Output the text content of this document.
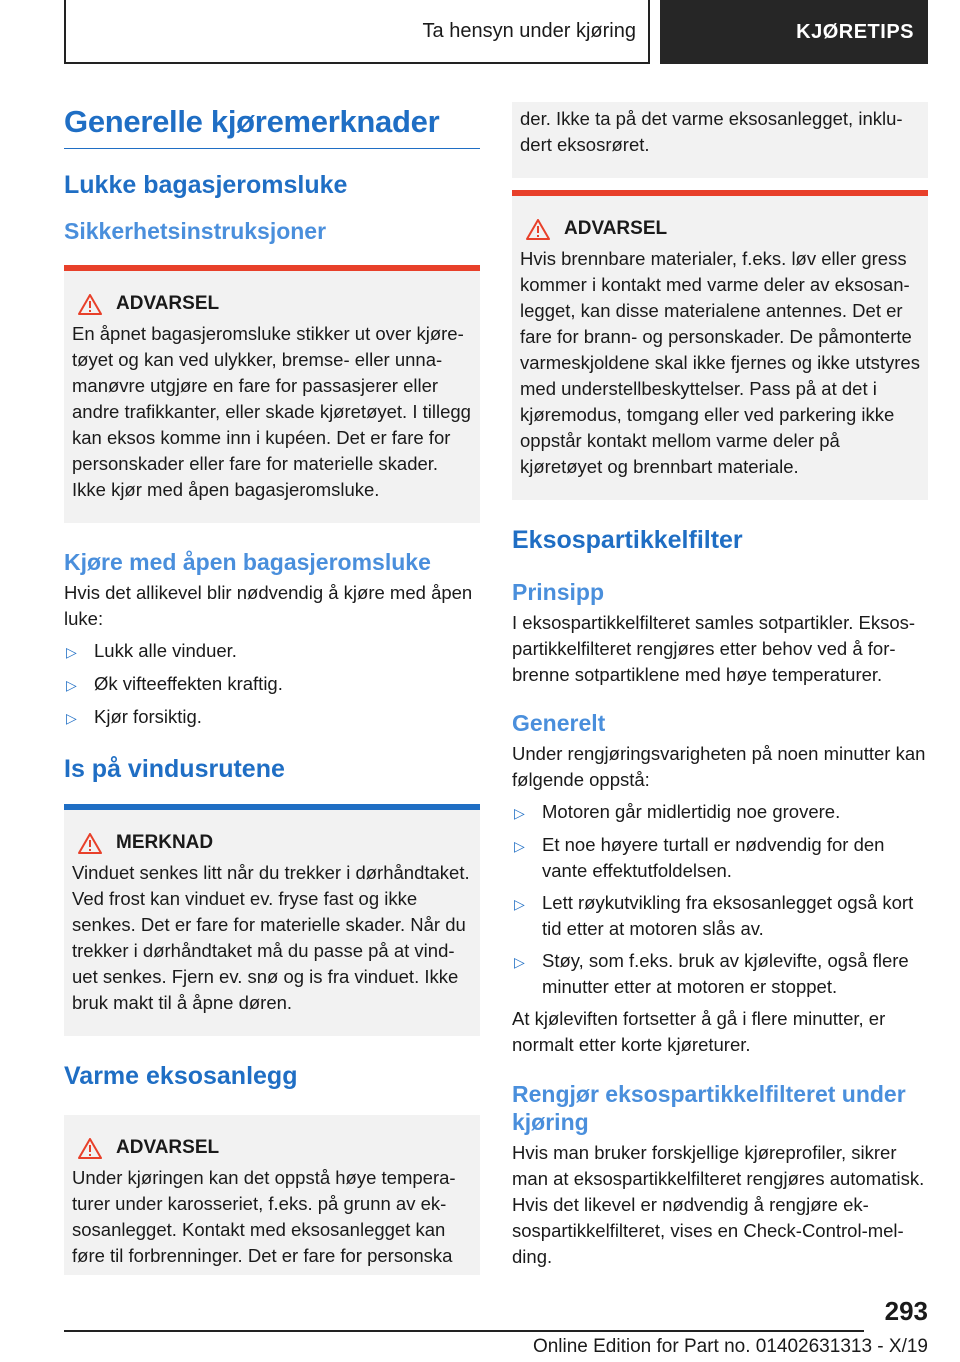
Ta hensyn under kjøring	KJØRETIPS
Generelle kjøremerknader
Lukke bagasjeromsluke
Sikkerhetsinstruksjoner
ADVARSEL
En åpnet bagasjeromsluke stikker ut over kjøretøyet og kan ved ulykker, bremse- eller unnamanøvre utgjøre en fare for passasjerer eller andre trafikkanter, eller skade kjøretøyet. I tillegg kan eksos komme inn i kupéen. Det er fare for personskader eller fare for materielle skader. Ikke kjør med åpen bagasjeromsluke.
Kjøre med åpen bagasjeromsluke
Hvis det allikevel blir nødvendig å kjøre med åpen luke:
▷ Lukk alle vinduer.
▷ Øk vifteeffekten kraftig.
▷ Kjør forsiktig.
Is på vindusrutene
MERKNAD
Vinduet senkes litt når du trekker i dørhåndtaket. Ved frost kan vinduet ev. fryse fast og ikke senkes. Det er fare for materielle skader. Når du trekker i dørhåndtaket må du passe på at vinduet senkes. Fjern ev. snø og is fra vinduet. Ikke bruk makt til å åpne døren.
Varme eksosanlegg
ADVARSEL
Under kjøringen kan det oppstå høye temperaturer under karosseriet, f.eks. på grunn av eksosanlegget. Kontakt med eksosanlegget kan føre til forbrenninger. Det er fare for personska
der. Ikke ta på det varme eksosanlegget, inkludert eksosrøret.
ADVARSEL
Hvis brennbare materialer, f.eks. løv eller gress kommer i kontakt med varme deler av eksosanlegget, kan disse materialene antennes. Det er fare for brann- og personskader. De påmonterte varmeskjoldene skal ikke fjernes og ikke utstyres med understellbeskyttelser. Pass på at det i kjøremodus, tomgang eller ved parkering ikke oppstår kontakt mellom varme deler på kjøretøyet og brennbart materiale.
Eksospartikkelfilter
Prinsipp
I eksospartikkelfilteret samles sotpartikler. Eksospartikkelfilteret rengjøres etter behov ved å forbrenne sotpartiklene med høye temperaturer.
Generelt
Under rengjøringsvarigheten på noen minutter kan følgende oppstå:
▷ Motoren går midlertidig noe grovere.
▷ Et noe høyere turtall er nødvendig for den vante effektutfoldelsen.
▷ Lett røykutvikling fra eksosanlegget også kort tid etter at motoren slås av.
▷ Støy, som f.eks. bruk av kjølevifte, også flere minutter etter at motoren er stoppet.
At kjøleviften fortsetter å gå i flere minutter, er normalt etter korte kjøreturer.
Rengjør eksospartikkelfilteret under kjøring
Hvis man bruker forskjellige kjøreprofiler, sikrer man at eksospartikkelfilteret rengjøres automatisk. Hvis det likevel er nødvendig å rengjøre eksospartikkelfilteret, vises en Check-Control-melding.
293
Online Edition for Part no. 01402631313 - X/19
